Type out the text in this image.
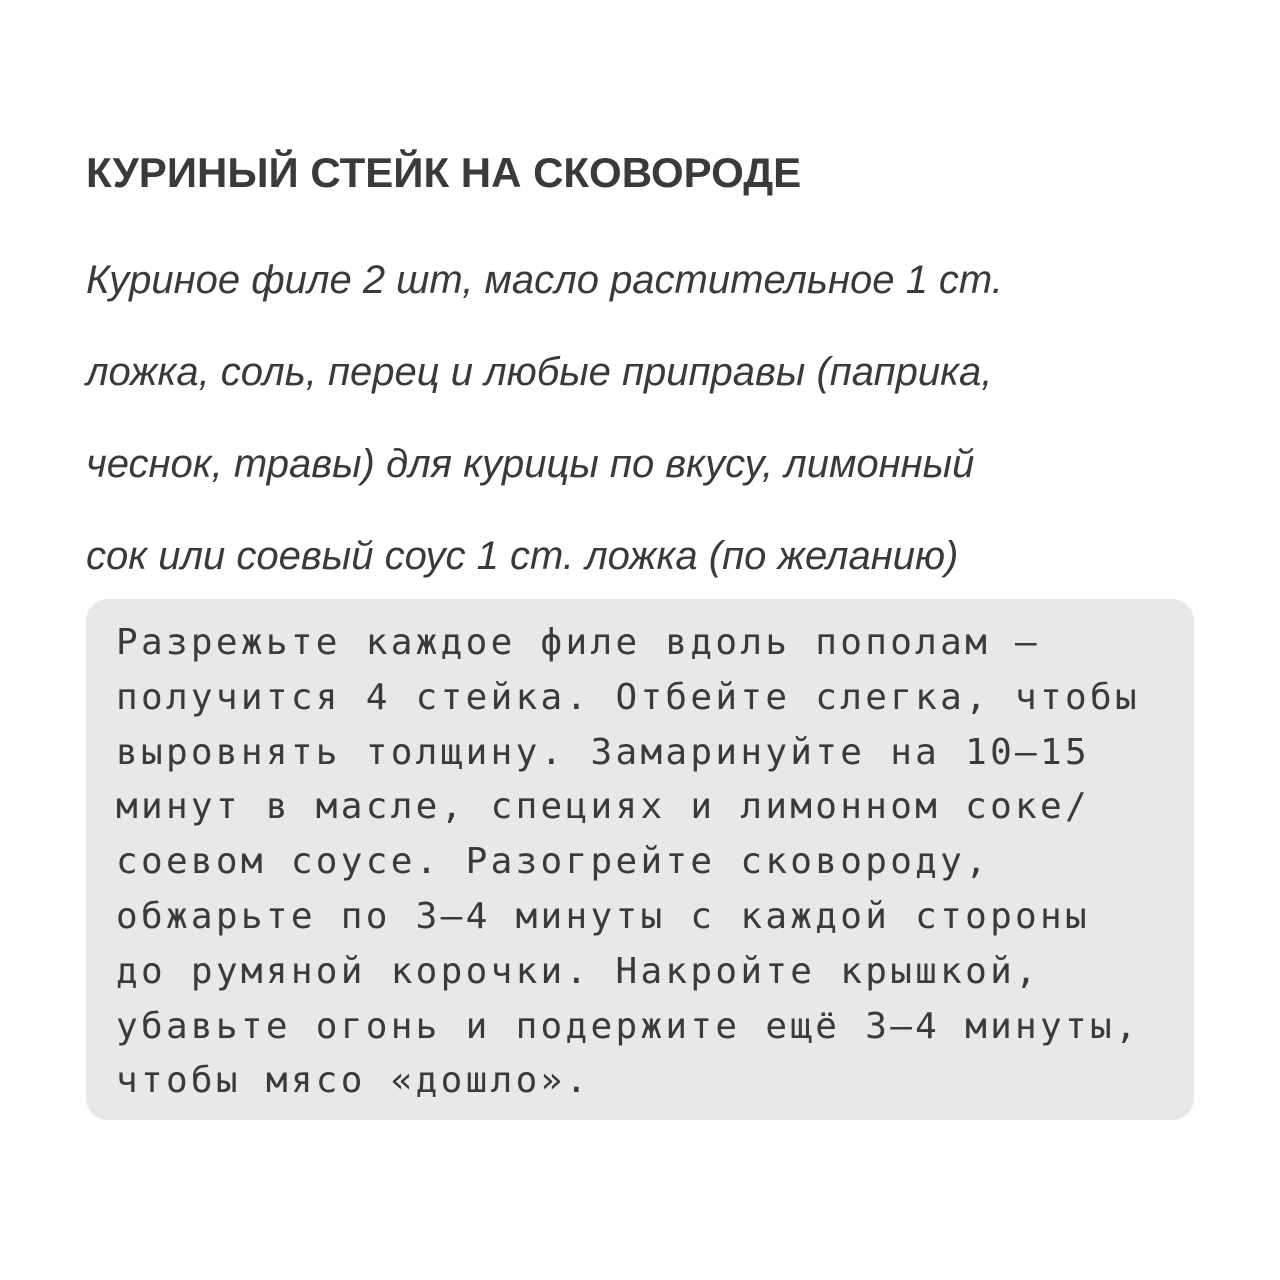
КУРИНЫЙ СТЕЙК НА СКОВОРОДЕ

Куриное филе 2 шт, масло растительное 1 ст.
ложка, соль, перец и любые приправы (паприка,
чеснок, травы) для курицы по вкусу, лимонный
сок или соевый соус 1 ст. ложка (по желанию)

Разрежьте каждое филе вдоль пополам —
получится 4 стейка. Отбейте слегка, чтобы
выровнять толщину. Замаринуйте на 10—15
минут в масле, специях и лимонном соке/
соевом соусе. Разогрейте сковороду,
обжарьте по 3—4 минуты с каждой стороны
до румяной корочки. Накройте крышкой,
убавьте огонь и подержите ещё 3—4 минуты,
чтобы мясо «дошло».
